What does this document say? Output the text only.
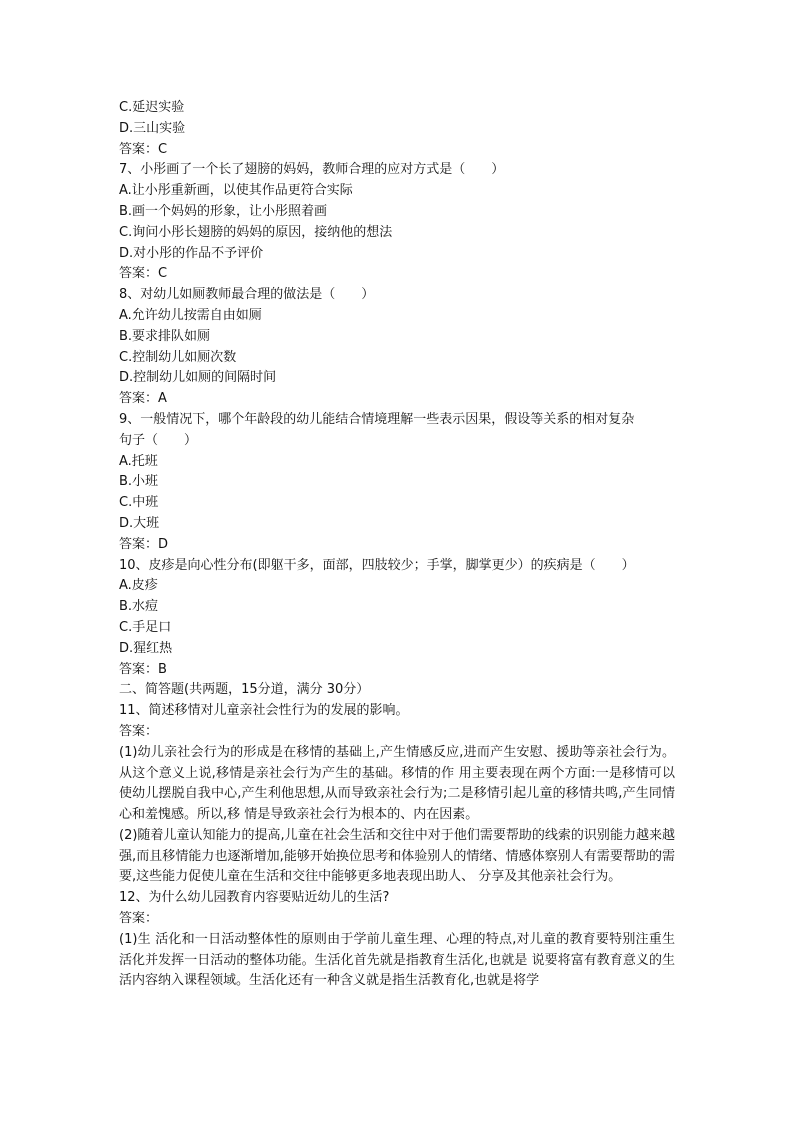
C.延迟实验
D.三山实验
答案：C
7、小彤画了一个长了翅膀的妈妈，教师合理的应对方式是（　　）
A.让小彤重新画，以使其作品更符合实际
B.画一个妈妈的形象，让小彤照着画
C.询问小彤长翅膀的妈妈的原因，接纳他的想法
D.对小彤的作品不予评价
答案：C
8、对幼儿如厕教师最合理的做法是（　　）
A.允许幼儿按需自由如厕
B.要求排队如厕
C.控制幼儿如厕次数
D.控制幼儿如厕的间隔时间
答案：A
9、一般情况下，哪个年龄段的幼儿能结合情境理解一些表示因果，假设等关系的相对复杂
句子（　　）
A.托班
B.小班
C.中班
D.大班
答案：D
10、皮疹是向心性分布(即躯干多，面部，四肢较少；手掌，脚掌更少）的疾病是（　　）
A.皮疹
B.水痘
C.手足口
D.猩红热
答案：B
二、简答题(共两题，15分道，满分 30分）
11、简述移情对儿童亲社会性行为的发展的影响。
答案：
(1)幼儿亲社会行为的形成是在移情的基础上,产生情感反应,进而产生安慰、援助等亲社会行为。从这个意义上说,移情是亲社会行为产生的基础。移情的作 用主要表现在两个方面:一是移情可以使幼儿摆脱自我中心,产生利他思想,从而导致亲社会行为;二是移情引起儿童的移情共鸣,产生同情心和羞愧感。所以,移 情是导致亲社会行为根本的、内在因素。
(2)随着儿童认知能力的提高,儿童在社会生活和交往中对于他们需要帮助的线索的识别能力越来越 强,而且移情能力也逐渐增加,能够开始换位思考和体验别人的情绪、情感体察别人有需要帮助的需要,这些能力促使儿童在生活和交往中能够更多地表现出助人、 分享及其他亲社会行为。
12、为什么幼儿园教育内容要贴近幼儿的生活?
答案：
(1)生 活化和一日活动整体性的原则由于学前儿童生理、心理的特点,对儿童的教育要特别注重生活化并发挥一日活动的整体功能。生活化首先就是指教育生活化,也就是 说要将富有教育意义的生活内容纳入课程领域。生活化还有一种含义就是指生活教育化,也就是将学
